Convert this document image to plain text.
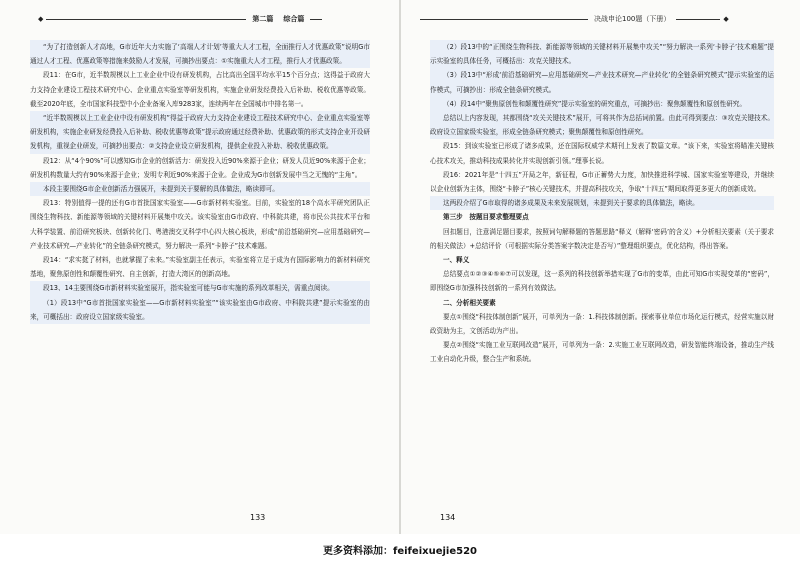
◆	第二篇 综合篇	决战申论100题（下册）	◆

“为了打造创新人才高地，G市近年大力实施了‘高端人才计划’等重大人才工程，全面推行人才优惠政策”说明G市通过人才工程、优惠政策等措施来鼓励人才发展，可摘抄出要点：①实施重大人才工程，推行人才优惠政策。

段11：在G市，近半数规模以上工业企业中设有研发机构，占比高出全国平均水平15个百分点；这得益于政府大力支持企业建设工程技术研究中心、企业重点实验室等研发机构，实施企业研发经费投入后补助、税收优惠等政策。截至2020年底，全市国家科技型中小企业备案入库9283家，连续两年在全国城市中排名第一。

“近半数规模以上工业企业中设有研发机构”得益于政府大力支持企业建设工程技术研究中心、企业重点实验室等研发机构，实施企业研发经费投入后补助、税收优惠等政策”提示政府通过经费补助、优惠政策的形式支持企业开设研发机构，重视企业研发，可摘抄出要点：②支持企业设立研发机构，提供企业投入补助、税收优惠政策。

段12：从“4个90%”可以感知G市企业的创新活力：研发投入近90%来源于企业；研发人员近90%来源于企业；研发机构数量大约有90%来源于企业；发明专利近90%来源于企业。企业成为G市创新发展中当之无愧的“主角”。

本段主要围绕G市企业创新活力强展开，未提到关于要解的具体做法，略读即可。

段13：特别值得一提的还有G市首批国家实验室——G市新材料实验室。目前，实验室的18个高水平研究团队正围绕生物科技、新能源等领域的关键材料开展集中攻关。该实验室由G市政府、中科院共建，将市民公共技术平台和大科学装置、前沿研究板块、创新转化门、粤港澳交叉科学中心四大核心板块，形成“前沿基础研究—应用基础研究—产业技术研究—产业转化”的全链条研究模式，努力解决一系列“卡脖子”技术难题。

段14：“求实挺了材料，也就掌握了未来。”实验室副主任表示，实验室将立足于成为有国际影响力的新材料研究基地，聚焦原创性和颠覆性研究、自主创新，打造大湾区的创新高地。

段13、14主要围绕G市新材料实验室展开，指实验室可能与G市实施的系列改革相关，需重点阅读。

（1）段13中“G市首批国家实验室——G市新材料实验室”“该实验室由G市政府、中科院共建”提示实验室的由来，可概括出：政府设立国家级实验室。

（2）段13中的“正围绕生物科技、新能源等领域的关键材料开展集中攻关”“努力解决一系列‘卡脖子’技术难题”提示实验室的具体任务，可概括出：攻克关键技术。

（3）段13中“形成‘前沿基础研究—应用基础研究—产业技术研究—产业转化’的全链条研究模式”提示实验室的运作模式，可摘抄出：形成全链条研究模式。

（4）段14中“聚焦原创性和颠覆性研究”提示实验室的研究重点，可摘抄出：聚焦颠覆性和原创性研究。

总结以上内容发现，其都围绕“攻关关键技术”展开，可将其作为总括词前置。由此可得到要点：③攻克关键技术。政府设立国家级实验室，形成全链条研究模式；聚焦颠覆性和原创性研究。

段15：到该实验室已形成了诸多成果，还在国际权威学术期刊上发表了数篇文章。“该下来，实验室将瞄准关键核心技术攻关，推动科技成果转化并实现创新引领。”理事长说。

段16：2021年是“十四五”开局之年，新征程，G市正蓄势大力度，加快推进科学城、国家实验室等建设，并继续以企业创新为主体，围绕“卡脖子”核心关键技术，并提高科技攻关，争取“十四五”期间取得更多更大的创新成效。

这两段介绍了G市取得的诸多成果及未来发展规划，未提到关于要求的具体做法，略读。

第三步　按题目要求整理要点

回扣题目，注意满足题目要求，按照词句解释题的答题思路“释义（解释‘密码’的含义）+分析相关要素（关于要求的相关做法）+总结评价（可根据实际分类答案字数决定是否写）”整理组织要点，优化结构，得出答案。

一、释义

总结要点①②③④⑤⑥⑦可以发现，这一系列的科技创新举措实现了G市的变革，由此可知G市实现变革的“密码”，即围绕G市加强科技创新的一系列有效做法。

二、分析相关要素

要点①围绕“科技体制创新”展开，可单列为一条：1.科技体制创新。探索事业单位市场化运行模式，经营实施以财政资助为主，文创活动为产出。

要点②围绕“实施工业互联网改造”展开，可单列为一条：2.实施工业互联网改造，研发智能终端设备，推动生产线工业自动化升级，整合生产和系统。

133	134
更多资料添加：feifeixuejie520
